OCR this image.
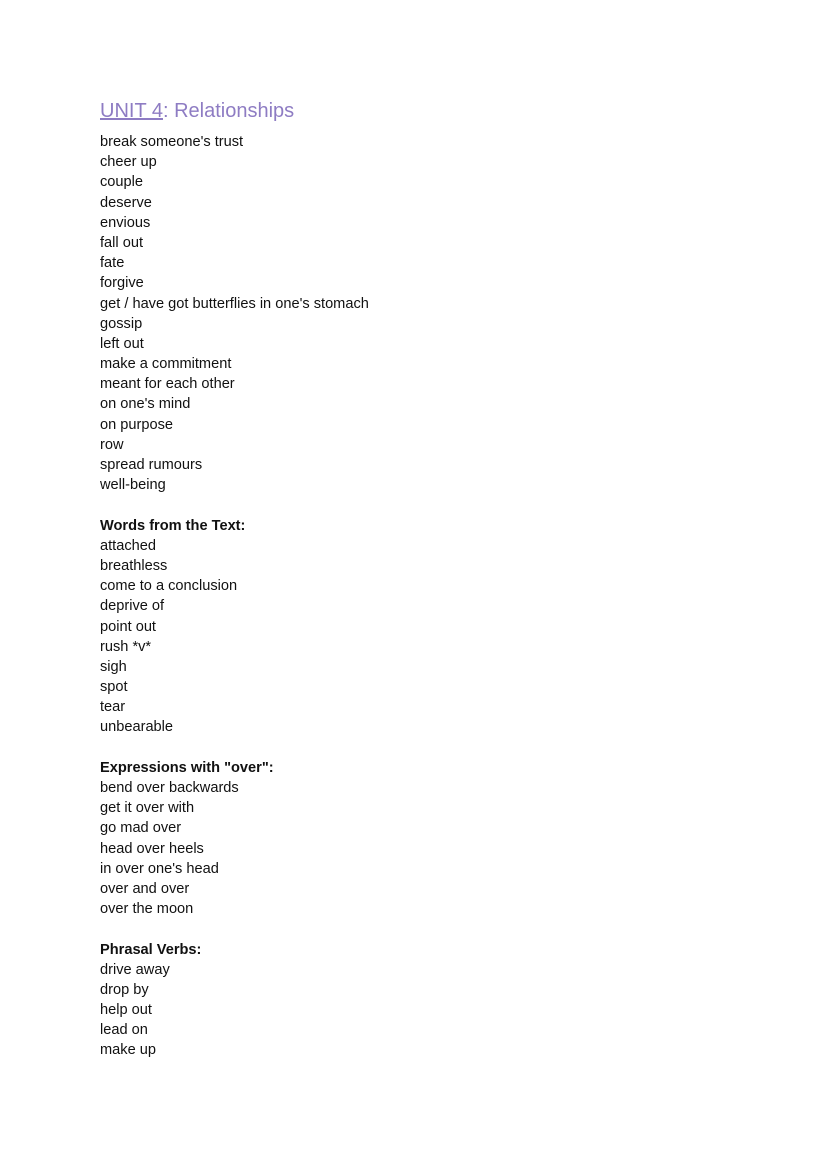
UNIT 4: Relationships
break someone's trust
cheer up
couple
deserve
envious
fall out
fate
forgive
get / have got butterflies in one's stomach
gossip
left out
make a commitment
meant for each other
on one's mind
on purpose
row
spread rumours
well-being
Words from the Text:
attached
breathless
come to a conclusion
deprive of
point out
rush *v*
sigh
spot
tear
unbearable
Expressions with "over":
bend over backwards
get it over with
go mad over
head over heels
in over one's head
over and over
over the moon
Phrasal Verbs:
drive away
drop by
help out
lead on
make up
